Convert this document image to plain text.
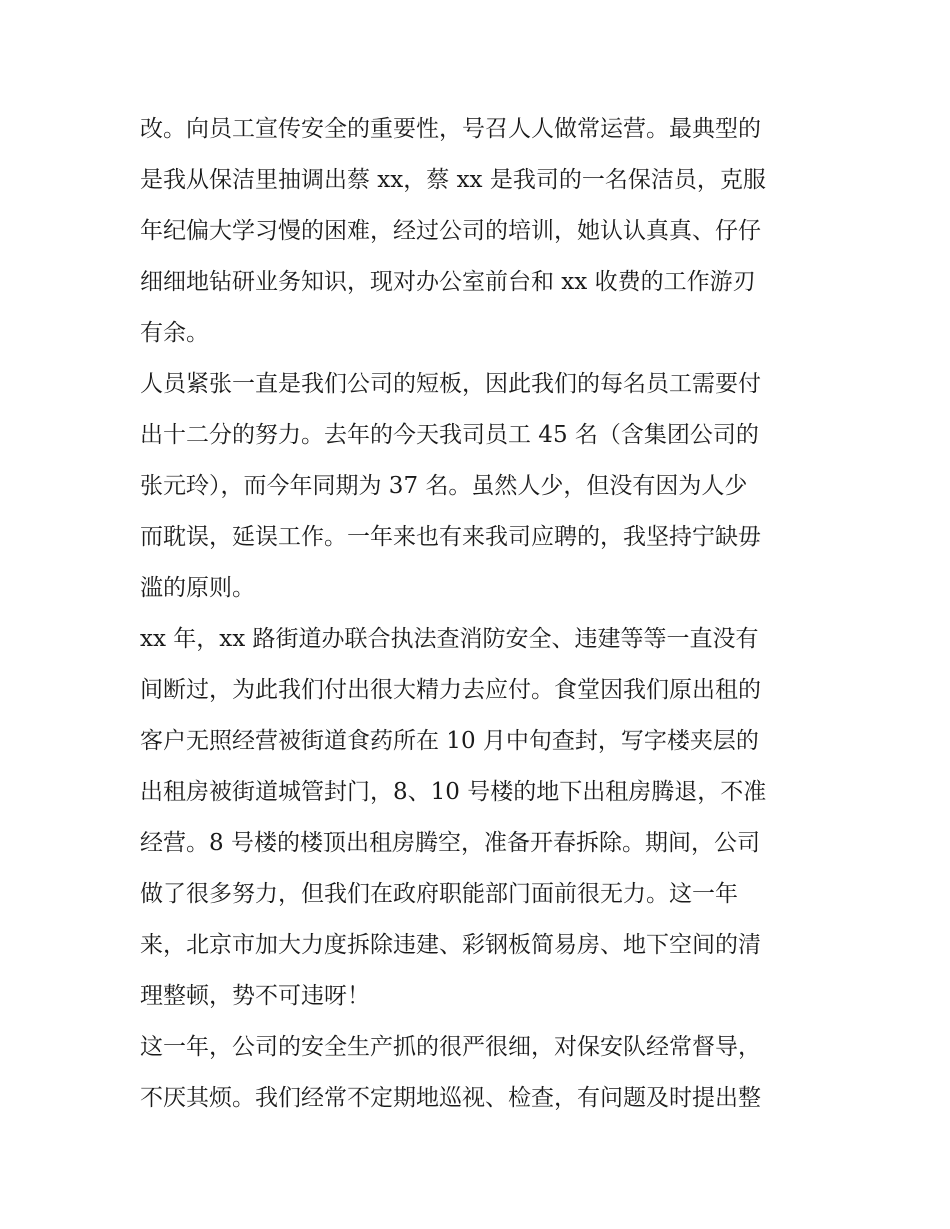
改。向员工宣传安全的重要性，号召人人做常运营。最典型的
是我从保洁里抽调出蔡 xx，蔡 xx 是我司的一名保洁员，克服
年纪偏大学习慢的困难，经过公司的培训，她认认真真、仔仔
细细地钻研业务知识，现对办公室前台和 xx 收费的工作游刃
有余。
人员紧张一直是我们公司的短板，因此我们的每名员工需要付
出十二分的努力。去年的今天我司员工 45 名（含集团公司的
张元玲），而今年同期为 37 名。虽然人少，但没有因为人少
而耽误，延误工作。一年来也有来我司应聘的，我坚持宁缺毋
滥的原则。
xx 年，xx 路街道办联合执法查消防安全、违建等等一直没有
间断过，为此我们付出很大精力去应付。食堂因我们原出租的
客户无照经营被街道食药所在 10 月中旬查封，写字楼夹层的
出租房被街道城管封门，8、10 号楼的地下出租房腾退，不准
经营。8 号楼的楼顶出租房腾空，准备开春拆除。期间，公司
做了很多努力，但我们在政府职能部门面前很无力。这一年
来，北京市加大力度拆除违建、彩钢板简易房、地下空间的清
理整顿，势不可违呀！
这一年，公司的安全生产抓的很严很细，对保安队经常督导，
不厌其烦。我们经常不定期地巡视、检查，有问题及时提出整
